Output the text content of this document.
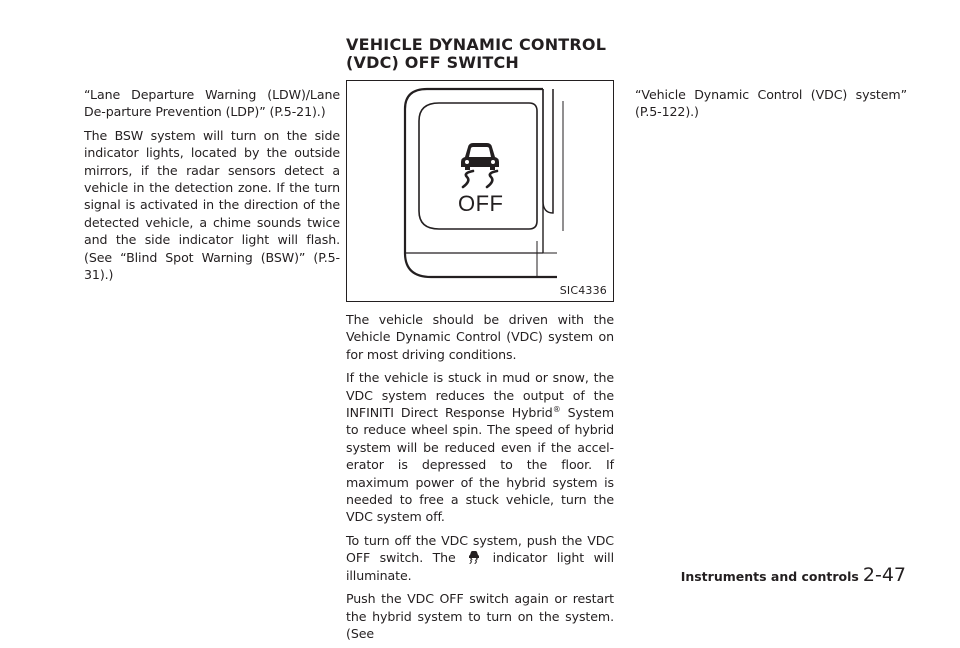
VEHICLE DYNAMIC CONTROL
(VDC) OFF SWITCH

“Lane Departure Warning (LDW)/Lane De-parture Prevention (LDP)” (P.5-21).)

The BSW system will turn on the side indicator lights, located by the outside mirrors, if the radar sensors detect a vehicle in the detection zone. If the turn signal is activated in the direction of the detected vehicle, a chime sounds twice and the side indicator light will flash. (See “Blind Spot Warning (BSW)” (P.5-31).)

OFF
SIC4336

The vehicle should be driven with the Vehicle Dynamic Control (VDC) system on for most driving conditions.

If the vehicle is stuck in mud or snow, the VDC system reduces the output of the INFINITI Direct Response Hybrid® System to reduce wheel spin. The speed of hybrid system will be reduced even if the accel-erator is depressed to the floor. If maximum power of the hybrid system is needed to free a stuck vehicle, turn the VDC system off.

To turn off the VDC system, push the VDC OFF switch. The  indicator light will illuminate.

Push the VDC OFF switch again or restart the hybrid system to turn on the system. (See

“Vehicle Dynamic Control (VDC) system” (P.5-122).)

Instruments and controls 2-47
